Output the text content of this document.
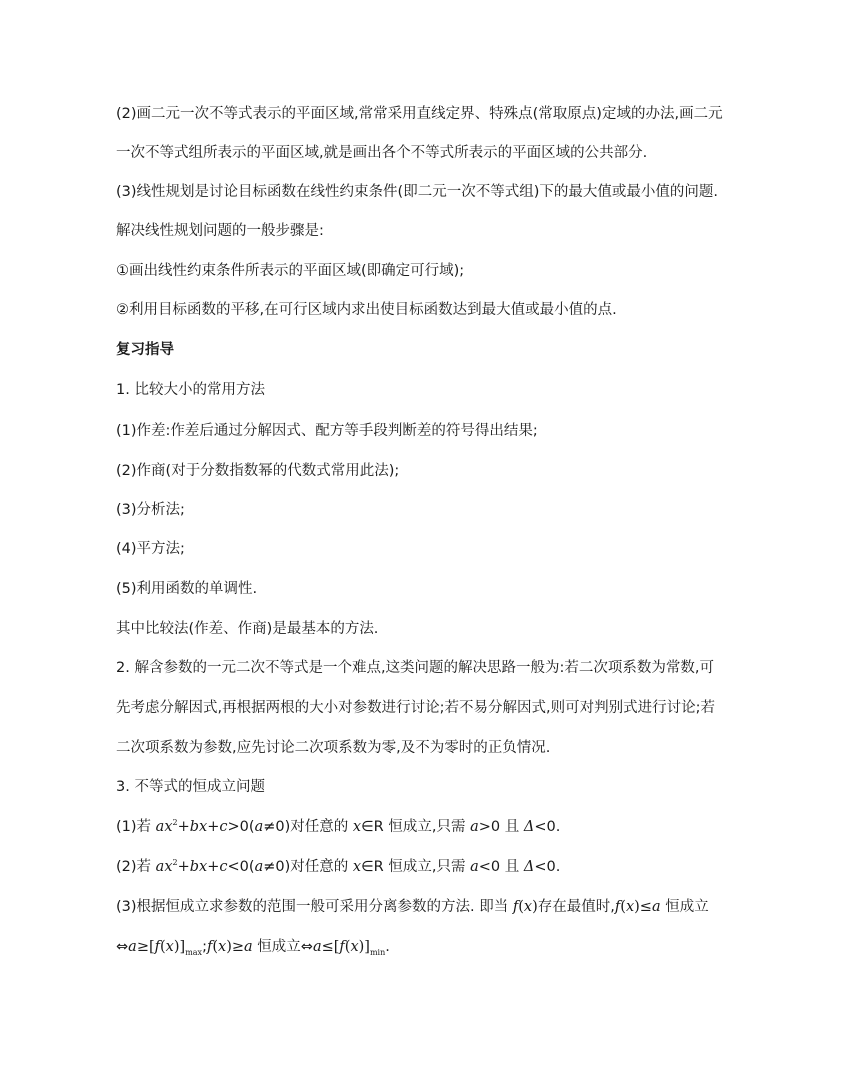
(2)画二元一次不等式表示的平面区域,常常采用直线定界、特殊点(常取原点)定域的办法,画二元
一次不等式组所表示的平面区域,就是画出各个不等式所表示的平面区域的公共部分.
(3)线性规划是讨论目标函数在线性约束条件(即二元一次不等式组)下的最大值或最小值的问题.
解决线性规划问题的一般步骤是:
①画出线性约束条件所表示的平面区域(即确定可行域);
②利用目标函数的平移,在可行区域内求出使目标函数达到最大值或最小值的点.
复习指导
1. 比较大小的常用方法
(1)作差:作差后通过分解因式、配方等手段判断差的符号得出结果;
(2)作商(对于分数指数幂的代数式常用此法);
(3)分析法;
(4)平方法;
(5)利用函数的单调性.
其中比较法(作差、作商)是最基本的方法.
2. 解含参数的一元二次不等式是一个难点,这类问题的解决思路一般为:若二次项系数为常数,可
先考虑分解因式,再根据两根的大小对参数进行讨论;若不易分解因式,则可对判别式进行讨论;若
二次项系数为参数,应先讨论二次项系数为零,及不为零时的正负情况.
3. 不等式的恒成立问题
(1)若 $ax^2+bx+c>0(a\ne 0)$对任意的 x∈R 恒成立,只需 a>0 且 Δ<0.
(2)若 $ax^2+bx+c<0(a\ne 0)$对任意的 x∈R 恒成立,只需 a<0 且 Δ<0.
(3)根据恒成立求参数的范围一般可采用分离参数的方法. 即当 f(x)存在最值时,f(x)≤a 恒成立
$\Leftrightarrow a\ge[f(x)]_{max};f(x)\ge a$ 恒成立$\Leftrightarrow a\le[f(x)]_{min}$.
